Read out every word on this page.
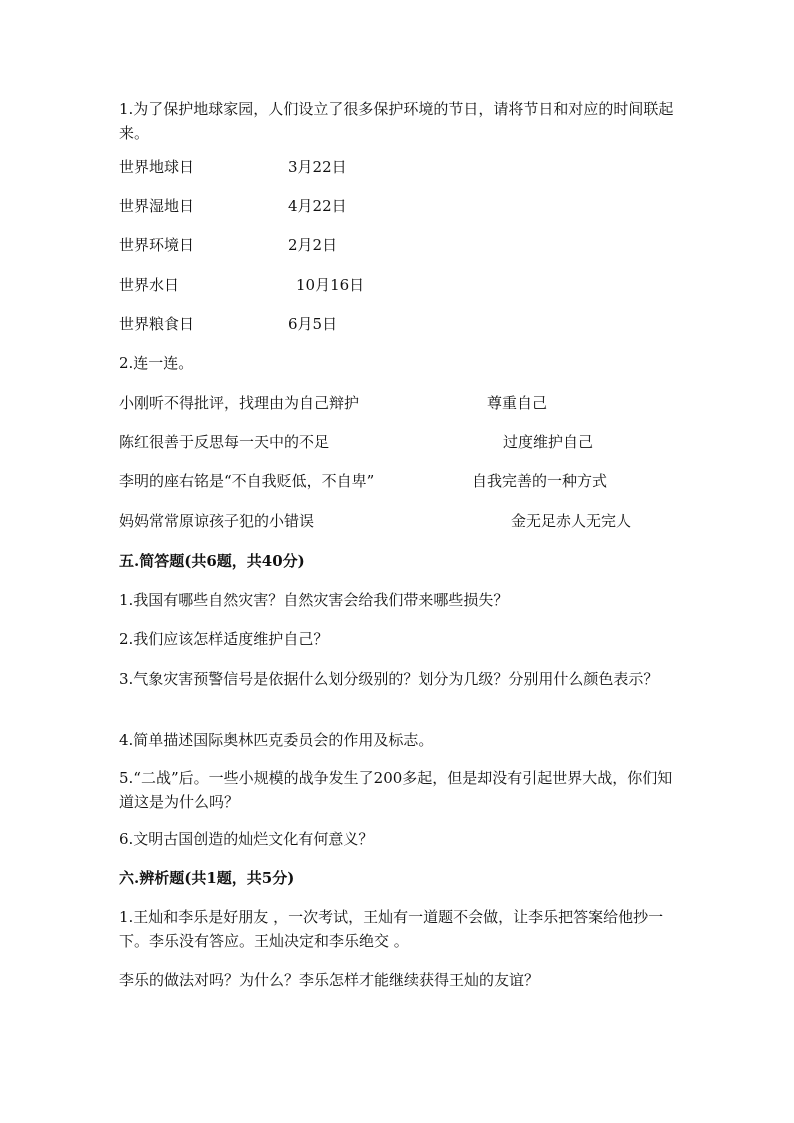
1.为了保护地球家园，人们设立了很多保护环境的节日，请将节日和对应的时间联起来。
世界地球日	3月22日
世界湿地日	4月22日
世界环境日	2月2日
世界水日	10月16日
世界粮食日	6月5日
2.连一连。
小刚听不得批评，找理由为自己辩护	尊重自己
陈红很善于反思每一天中的不足	过度维护自己
李明的座右铭是“不自我贬低，不自卑”	自我完善的一种方式
妈妈常常原谅孩子犯的小错误	金无足赤人无完人
五.简答题(共6题，共40分)
1.我国有哪些自然灾害？自然灾害会给我们带来哪些损失？
2.我们应该怎样适度维护自己？
3.气象灾害预警信号是依据什么划分级别的？划分为几级？分别用什么颜色表示？
4.简单描述国际奥林匹克委员会的作用及标志。
5.“二战”后。一些小规模的战争发生了200多起，但是却没有引起世界大战，你们知道这是为什么吗？
6.文明古国创造的灿烂文化有何意义？
六.辨析题(共1题，共5分)
1.王灿和李乐是好朋友 ，一次考试，王灿有一道题不会做，让李乐把答案给他抄一下。李乐没有答应。王灿决定和李乐绝交 。
李乐的做法对吗？为什么？李乐怎样才能继续获得王灿的友谊？
